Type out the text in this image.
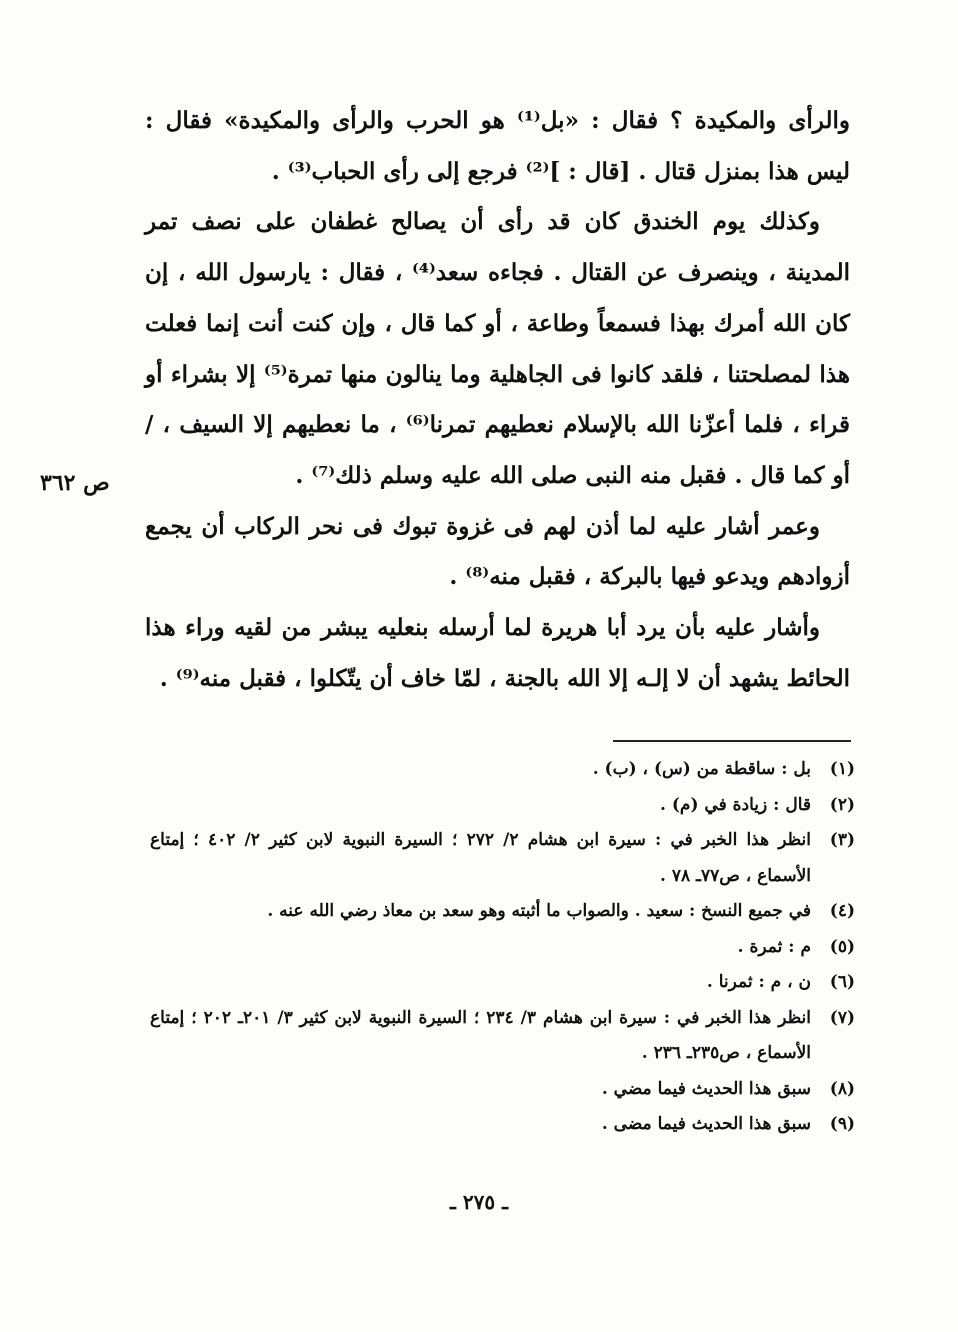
والرأى والمكيدة ؟ فقال : «بل⁽¹⁾ هو الحرب والرأى والمكيدة» فقال : ليس هذا بمنزل قتال . [قال : ]⁽²⁾ فرجع إلى رأى الحباب⁽³⁾ .

وكذلك يوم الخندق كان قد رأى أن يصالح غطفان على نصف تمر المدينة ، وينصرف عن القتال . فجاءه سعد⁽⁴⁾ ، فقال : يارسول الله ، إن كان الله أمرك بهذا فسمعاً وطاعة ، أو كما قال ، وإن كنت أنت إنما فعلت هذا لمصلحتنا ، فلقد كانوا فى الجاهلية وما ينالون منها تمرة⁽⁵⁾ إلا بشراء أو قراء ، فلما أعزّنا الله بالإسلام نعطيهم تمرنا⁽⁶⁾ ، ما نعطيهم إلا السيف ، / أو كما قال . فقبل منه النبى صلى الله عليه وسلم ذلك⁽⁷⁾ .

وعمر أشار عليه لما أذن لهم فى غزوة تبوك فى نحر الركاب أن يجمع أزوادهم ويدعو فيها بالبركة ، فقبل منه⁽⁸⁾ .

وأشار عليه بأن يرد أبا هريرة لما أرسله بنعليه يبشر من لقيه وراء هذا الحائط يشهد أن لا إلـه إلا الله بالجنة ، لمّا خاف أن يتّكلوا ، فقبل منه⁽⁹⁾ .

ص ٣٦٢
(١)
بل : ساقطة من (س) ، (ب) .
(٢)
قال : زيادة في (م) .
(٣)
انظر هذا الخبر في : سيرة ابن هشام ٢/ ٢٧٢ ؛ السيرة النبوية لابن كثير ٢/ ٤٠٢ ؛ إمتاع الأسماع ، ص٧٧ـ ٧٨ .
(٤)
في جميع النسخ : سعيد . والصواب ما أثبته وهو سعد بن معاذ رضي الله عنه .
(٥)
م : ثمرة .
(٦)
ن ، م : ثمرنا .
(٧)
انظر هذا الخبر في : سيرة ابن هشام ٣/ ٢٣٤ ؛ السيرة النبوية لابن كثير ٣/ ٢٠١ـ ٢٠٢ ؛ إمتاع الأسماع ، ص٢٣٥ـ ٢٣٦ .
(٨)
سبق هذا الحديث فيما مضي .
(٩)
سبق هذا الحديث فيما مضى .
ـ ٢٧٥ ـ
